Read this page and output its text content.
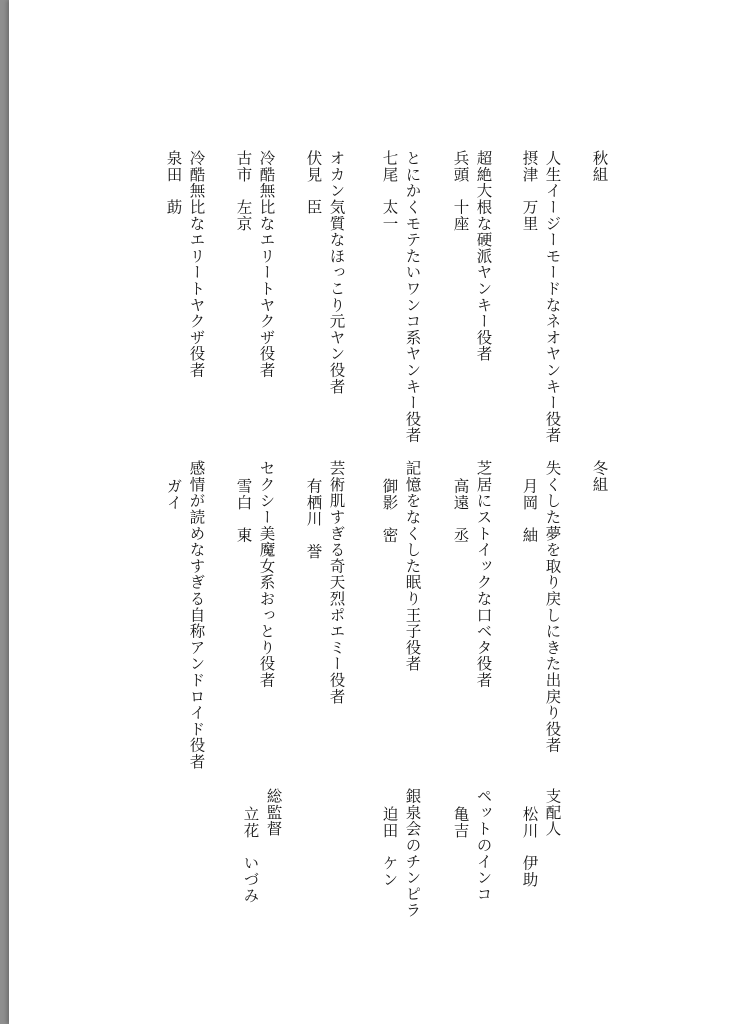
秋組
人生イージーモードなネオヤンキー役者
摂津　万里
超絶大根な硬派ヤンキー役者
兵頭　十座
とにかくモテたいワンコ系ヤンキー役者
七尾　太一
オカン気質なほっこり元ヤン役者
伏見　臣
冷酷無比なエリートヤクザ役者
古市　左京
冷酷無比なエリートヤクザ役者
泉田　莇
冬組
失くした夢を取り戻しにきた出戻り役者
月岡　紬
芝居にストイックな口ベタ役者
高遠　丞
記憶をなくした眠り王子役者
御影　密
芸術肌すぎる奇天烈ポエミー役者
有栖川　誉
セクシー美魔女系おっとり役者
雪白　東
感情が読めなすぎる自称アンドロイド役者
ガイ
支配人
松川　伊助
ペットのインコ
亀吉
銀泉会のチンピラ
迫田　ケン
総監督
立花　いづみ
